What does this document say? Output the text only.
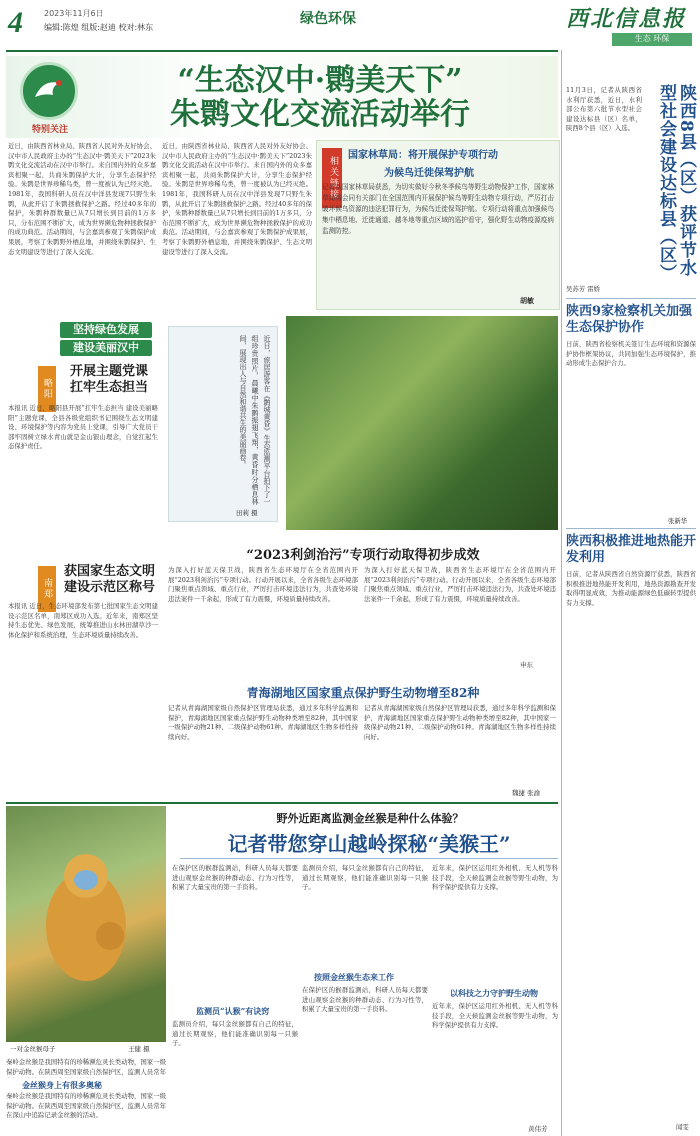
4	2023年11月6日
编辑:陈煌 组版:赵迪 校对:林东
绿色环保	西北信息报
生态 环保
特别关注
“生态汉中·鹮美天下”
朱鹮文化交流活动举行
近日，由陕西省林业局、陕西省人民对外友好协会、汉中市人民政府主办的“生态汉中·鹮美天下”2023朱鹮文化交流活动在汉中市举行。来自国内外的众多嘉宾相聚一起，共商朱鹮保护大计，分享生态保护经验。朱鹮是世界珍稀鸟类，曾一度被认为已经灭绝。1981年，我国科研人员在汉中洋县发现7只野生朱鹮，从此开启了朱鹮拯救保护之路。经过40多年的保护，朱鹮种群数量已从7只增长到目前的1万多只，分布范围不断扩大，成为世界濒危物种拯救保护的成功典范。活动期间，与会嘉宾参观了朱鹮保护成果展，考察了朱鹮野外栖息地，并围绕朱鹮保护、生态文明建设等进行了深入交流。
近日，由陕西省林业局、陕西省人民对外友好协会、汉中市人民政府主办的“生态汉中·鹮美天下”2023朱鹮文化交流活动在汉中市举行。来自国内外的众多嘉宾相聚一起，共商朱鹮保护大计，分享生态保护经验。朱鹮是世界珍稀鸟类，曾一度被认为已经灭绝。1981年，我国科研人员在汉中洋县发现7只野生朱鹮，从此开启了朱鹮拯救保护之路。经过40多年的保护，朱鹮种群数量已从7只增长到目前的1万多只，分布范围不断扩大，成为世界濒危物种拯救保护的成功典范。活动期间，与会嘉宾参观了朱鹮保护成果展，考察了朱鹮野外栖息地，并围绕朱鹮保护、生态文明建设等进行了深入交流。
相关链接
国家林草局：将开展保护专项行动
为候鸟迁徙保驾护航
记者从国家林草局获悉，为切实做好今秋冬季候鸟等野生动物保护工作，国家林草局将会同有关部门在全国范围内开展保护候鸟等野生动物专项行动，严厉打击破坏候鸟资源的违法犯罪行为，为候鸟迁徙保驾护航。专项行动将重点加强候鸟集中栖息地、迁徙通道、越冬地等重点区域的巡护看守，强化野生动物疫源疫病监测防控。
胡敏
坚持绿色发展
建设美丽汉中
略阳
开展主题党课
扛牢生态担当
本报讯 近日，略阳县开展“扛牢生态担当 建设美丽略阳”主题党课，全县各级党组织书记围绕生态文明建设、环境保护等内容为党员上党课，引导广大党员干部牢固树立绿水青山就是金山银山理念，自觉扛起生态保护责任。
南郑
获国家生态文明
建设示范区称号
本报讯 近日，生态环境部发布第七批国家生态文明建设示范区名单，南郑区成功入选。近年来，南郑区坚持生态优先、绿色发展，统筹推进山水林田湖草沙一体化保护和系统治理，生态环境质量持续改善。
近日，旅居游客在《鹮城黄昏》生态监测平台拍下了一组珍贵照片，晨曦中朱鹮振翅飞翔，黄昏时分栖息林间，展现出人与自然和谐共生的美丽画卷。
田莉 摄
“2023利剑治污”专项行动取得初步成效
为深入打好蓝天保卫战，陕西省生态环境厅在全省范围内开展“2023利剑治污”专项行动。行动开展以来，全省各级生态环境部门聚焦重点领域、重点行业，严厉打击环境违法行为，共查处环境违法案件一千余起，形成了有力震慑，环境质量持续改善。
为深入打好蓝天保卫战，陕西省生态环境厅在全省范围内开展“2023利剑治污”专项行动。行动开展以来，全省各级生态环境部门聚焦重点领域、重点行业，严厉打击环境违法行为，共查处环境违法案件一千余起，形成了有力震慑，环境质量持续改善。
申东
青海湖地区国家重点保护野生动物增至82种
记者从青海湖国家级自然保护区管理局获悉，通过多年科学监测和保护，青海湖地区国家重点保护野生动物种类增至82种，其中国家一级保护动物21种、二级保护动物61种。青海湖地区生物多样性持续向好。
记者从青海湖国家级自然保护区管理局获悉，通过多年科学监测和保护，青海湖地区国家重点保护野生动物种类增至82种，其中国家一级保护动物21种、二级保护动物61种。青海湖地区生物多样性持续向好。
魏捷 张渝
一对金丝猴母子	王健 摄
野外近距离监测金丝猴是种什么体验？
记者带您穿山越岭探秘“美猴王”
秦岭金丝猴是我国特有的珍稀濒危灵长类动物，国家一级保护动物。在陕西周至国家级自然保护区，监测人员常年
金丝猴身上有很多奥秘
秦岭金丝猴是我国特有的珍稀濒危灵长类动物，国家一级保护动物。在陕西周至国家级自然保护区，监测人员常年在深山中追踪记录金丝猴的活动。
在保护区的猴群监测站，科研人员每天都要进山观察金丝猴的种群动态、行为习性等，积累了大量宝贵的第一手资料。
监测员“认猴”有诀窍
监测员介绍，每只金丝猴都有自己的特征，通过长期观察，他们能准确识别每一只猴子。
监测员介绍，每只金丝猴都有自己的特征，通过长期观察，他们能准确识别每一只猴子。
按照金丝猴生态来工作
在保护区的猴群监测站，科研人员每天都要进山观察金丝猴的种群动态、行为习性等，积累了大量宝贵的第一手资料。
近年来，保护区运用红外相机、无人机等科技手段，全天候监测金丝猴等野生动物，为科学保护提供有力支撑。
以科技之力守护野生动物
近年来，保护区运用红外相机、无人机等科技手段，全天候监测金丝猴等野生动物，为科学保护提供有力支撑。
黄伟芳
11月3日，记者从陕西省水利厅获悉，近日，水利部公布第六批节水型社会建设达标县（区）名单，陕西8个县（区）入选。	陕西8县（区）获评节水型社会建设达标县（区）
吴苏芳 雷娇
陕西9家检察机关加强生态保护协作
日前，陕西省检察机关签订生态环境和资源保护协作框架协议，共同加强生态环境保护，推动形成生态保护合力。
张新华
陕西积极推进地热能开发利用
日前，记者从陕西省自然资源厅获悉，陕西省积极推进地热能开发利用，地热资源勘查开发取得明显成效，为推动能源绿色低碳转型提供有力支撑。
闻雯
